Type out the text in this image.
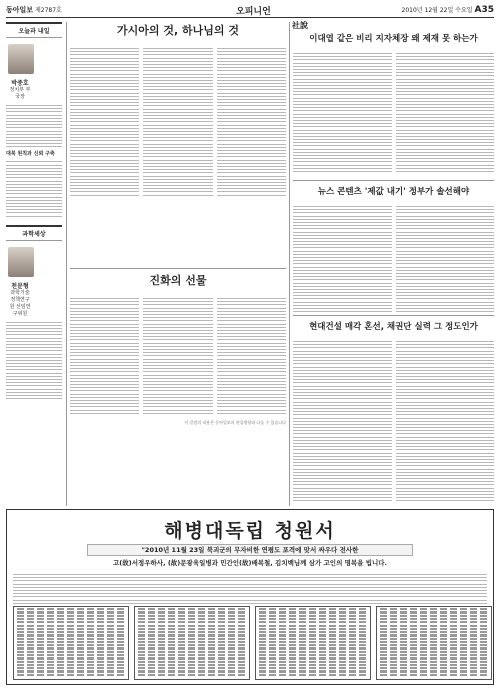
동아일보 제2787호	오피니언	2010년 12월 22일 수요일 A35
오늘과 내일

박중호
정치부 부국장
대북 원칙과 신뢰 구축
과학세상

천문형
과학기술정책연구원 선임연구위원
가시아의 것, 하나님의 것
진화의 선물
이 칼럼의 내용은 동아일보의 편집방향과 다를 수 있습니다
社說
이대엽 같은 비리 지자체장 왜 제재 못 하는가
뉴스 콘텐츠 '제값 내기' 정부가 솔선해야
현대건설 매각 혼선, 채권단 실력 그 정도인가
해병대독립 청원서
"2010년 11월 23일 북괴군의 무자비한 연평도 포격에 맞서 싸우다 전사한
고(故)서정우하사, (故)문광욱일병과 민간인(故)배복철, 김치백님께 삼가 고인의 명복을 빕니다.
